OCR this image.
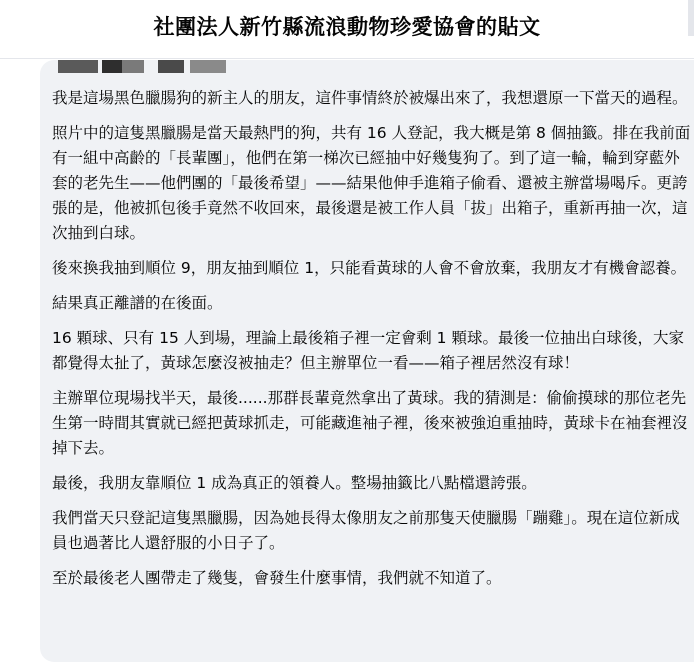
社團法人新竹縣流浪動物珍愛協會的貼文

我是這場黑色臘腸狗的新主人的朋友，這件事情終於被爆出來了，我想還原一下當天的過程。

照片中的這隻黑臘腸是當天最熱門的狗，共有 16 人登記，我大概是第 8 個抽籤。排在我前面有一組中高齡的「長輩團」，他們在第一梯次已經抽中好幾隻狗了。到了這一輪，輪到穿藍外套的老先生——他們團的「最後希望」——結果他伸手進箱子偷看、還被主辦當場喝斥。更誇張的是，他被抓包後手竟然不收回來，最後還是被工作人員「拔」出箱子，重新再抽一次，這次抽到白球。

後來換我抽到順位 9，朋友抽到順位 1，只能看黃球的人會不會放棄，我朋友才有機會認養。

結果真正離譜的在後面。

16 顆球、只有 15 人到場，理論上最後箱子裡一定會剩 1 顆球。最後一位抽出白球後，大家都覺得太扯了，黃球怎麼沒被抽走？但主辦單位一看——箱子裡居然沒有球！

主辦單位現場找半天，最後......那群長輩竟然拿出了黃球。我的猜測是：偷偷摸球的那位老先生第一時間其實就已經把黃球抓走，可能藏進袖子裡，後來被強迫重抽時，黃球卡在袖套裡沒掉下去。

最後，我朋友靠順位 1 成為真正的領養人。整場抽籤比八點檔還誇張。

我們當天只登記這隻黑臘腸，因為她長得太像朋友之前那隻天使臘腸「蹦雞」。現在這位新成員也過著比人還舒服的小日子了。

至於最後老人團帶走了幾隻，會發生什麼事情，我們就不知道了。
